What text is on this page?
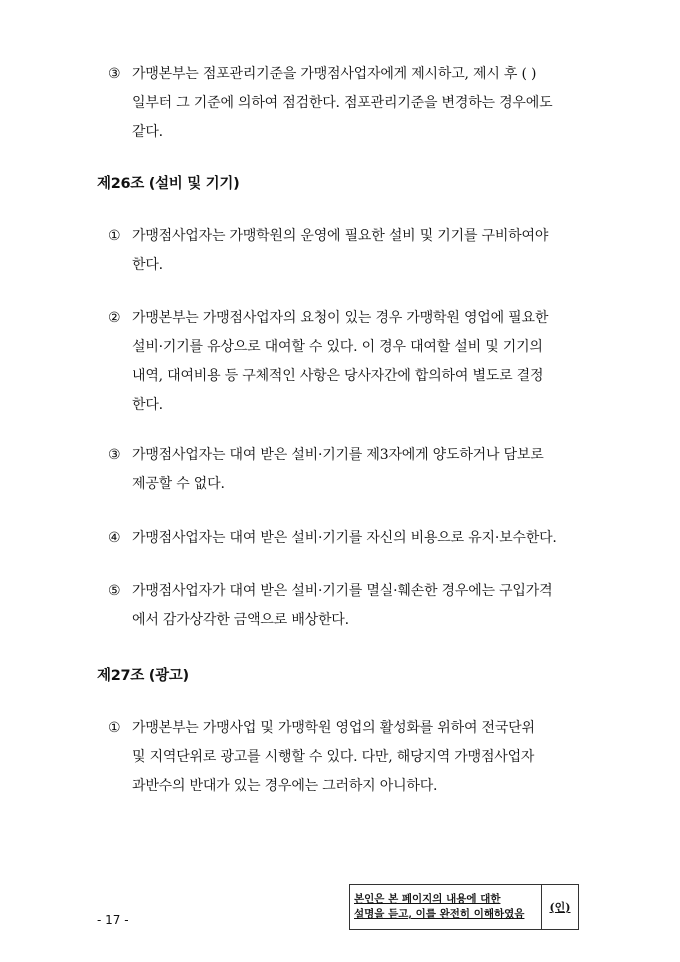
③ 가맹본부는 점포관리기준을 가맹점사업자에게 제시하고, 제시 후 ( )
일부터 그 기준에 의하여 점검한다. 점포관리기준을 변경하는 경우에도
같다.
제26조 (설비 및 기기)
① 가맹점사업자는 가맹학원의 운영에 필요한 설비 및 기기를 구비하여야
한다.
② 가맹본부는 가맹점사업자의 요청이 있는 경우 가맹학원 영업에 필요한
설비·기기를 유상으로 대여할 수 있다. 이 경우 대여할 설비 및 기기의
내역, 대여비용 등 구체적인 사항은 당사자간에 합의하여 별도로 결정
한다.
③ 가맹점사업자는 대여 받은 설비·기기를 제3자에게 양도하거나 담보로
제공할 수 없다.
④ 가맹점사업자는 대여 받은 설비·기기를 자신의 비용으로 유지·보수한다.
⑤ 가맹점사업자가 대여 받은 설비·기기를 멸실·훼손한 경우에는 구입가격
에서 감가상각한 금액으로 배상한다.
제27조 (광고)
① 가맹본부는 가맹사업 및 가맹학원 영업의 활성화를 위하여 전국단위
및 지역단위로 광고를 시행할 수 있다. 다만, 해당지역 가맹점사업자
과반수의 반대가 있는 경우에는 그러하지 아니하다.
- 17 -
본인은 본 페이지의 내용에 대한
설명을 듣고, 이를 완전히 이해하였음	(인)
